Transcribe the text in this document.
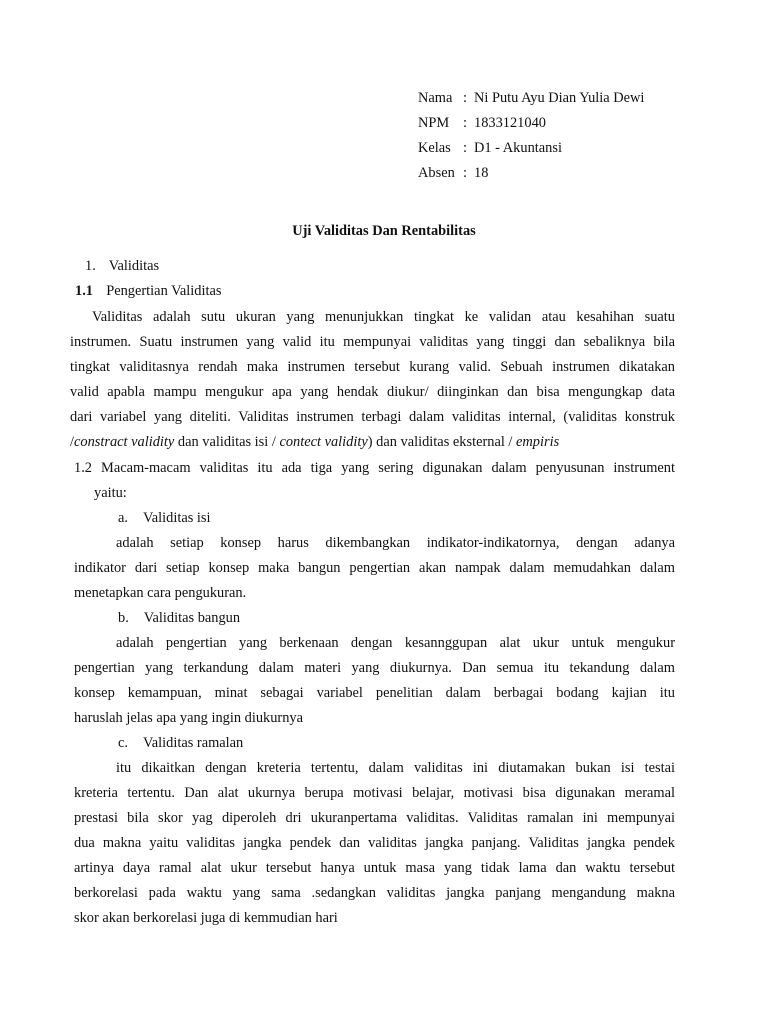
Nama	:	Ni Putu Ayu Dian Yulia Dewi
NPM	:	1833121040
Kelas	:	D1 - Akuntansi
Absen	:	18
Uji Validitas Dan Rentabilitas
1. Validitas
1.1 Pengertian Validitas
Validitas adalah sutu ukuran yang menunjukkan tingkat ke validan atau kesahihan suatu
instrumen. Suatu instrumen yang valid itu mempunyai validitas yang tinggi dan sebaliknya bila
tingkat validitasnya rendah maka instrumen tersebut kurang valid. Sebuah instrumen dikatakan
valid apabla mampu mengukur apa yang hendak diukur/ diinginkan dan bisa mengungkap data
dari variabel yang diteliti. Validitas instrumen terbagi dalam validitas internal, (validitas konstruk
/constract validity dan validitas isi / contect validity) dan validitas eksternal / empiris
1.2 Macam-macam validitas itu ada tiga yang sering digunakan dalam penyusunan instrument
yaitu:
a. Validitas isi
adalah setiap konsep harus dikembangkan indikator-indikatornya, dengan adanya
indikator dari setiap konsep maka bangun pengertian akan nampak dalam memudahkan dalam
menetapkan cara pengukuran.
b. Validitas bangun
adalah pengertian yang berkenaan dengan kesannggupan alat ukur untuk mengukur
pengertian yang terkandung dalam materi yang diukurnya. Dan semua itu tekandung dalam
konsep kemampuan, minat sebagai variabel penelitian dalam berbagai bodang kajian itu
haruslah jelas apa yang ingin diukurnya
c. Validitas ramalan
itu dikaitkan dengan kreteria tertentu, dalam validitas ini diutamakan bukan isi testai
kreteria tertentu. Dan alat ukurnya berupa motivasi belajar, motivasi bisa digunakan meramal
prestasi bila skor yag diperoleh dri ukuranpertama validitas. Validitas ramalan ini mempunyai
dua makna yaitu validitas jangka pendek dan validitas jangka panjang. Validitas jangka pendek
artinya daya ramal alat ukur tersebut hanya untuk masa yang tidak lama dan waktu tersebut
berkorelasi pada waktu yang sama .sedangkan validitas jangka panjang mengandung makna
skor akan berkorelasi juga di kemmudian hari
